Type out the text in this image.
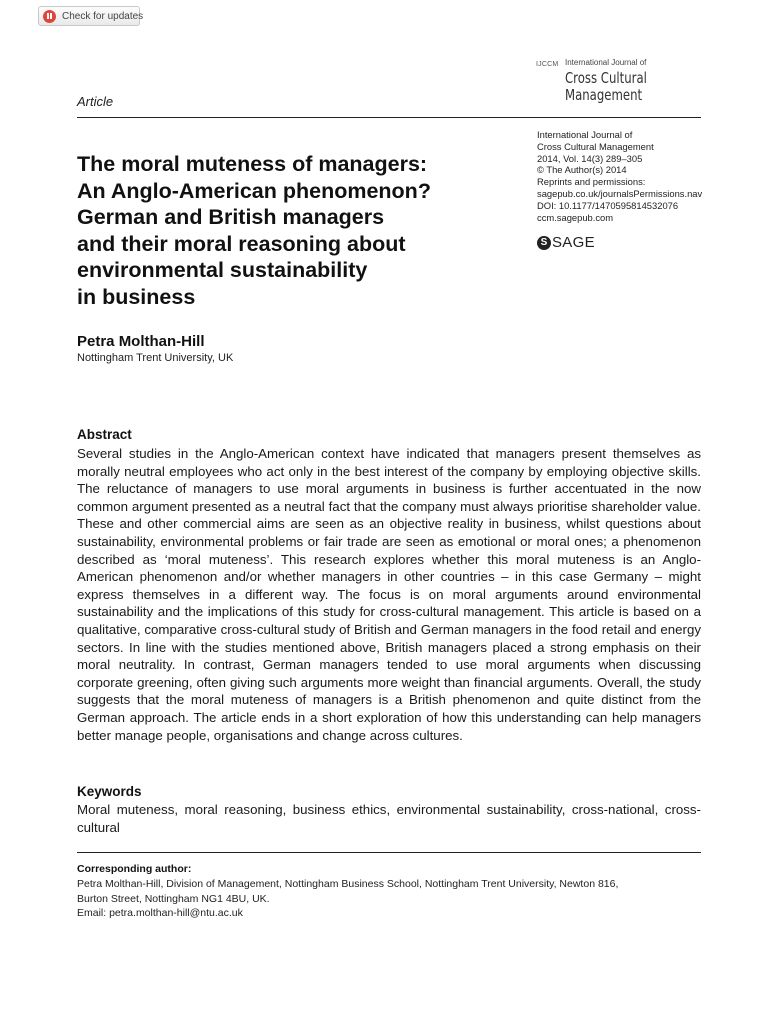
Check for updates
IJCCM International Journal of
Cross Cultural
Management
Article
International Journal of
Cross Cultural Management
2014, Vol. 14(3) 289–305
© The Author(s) 2014
Reprints and permissions:
sagepub.co.uk/journalsPermissions.nav
DOI: 10.1177/1470595814532076
ccm.sagepub.com
S SAGE
The moral muteness of managers:
An Anglo-American phenomenon?
German and British managers
and their moral reasoning about
environmental sustainability
in business
Petra Molthan-Hill
Nottingham Trent University, UK
Abstract
Several studies in the Anglo-American context have indicated that managers present themselves as morally neutral employees who act only in the best interest of the company by employing objective skills. The reluctance of managers to use moral arguments in business is further accentuated in the now common argument presented as a neutral fact that the company must always prioritise shareholder value. These and other commercial aims are seen as an objective reality in business, whilst questions about sustainability, environmental problems or fair trade are seen as emotional or moral ones; a phenomenon described as ‘moral muteness’. This research explores whether this moral muteness is an Anglo-American phenomenon and/or whether managers in other countries – in this case Germany – might express themselves in a different way. The focus is on moral arguments around environmental sustainability and the implications of this study for cross-cultural management. This article is based on a qualitative, comparative cross-cultural study of British and German managers in the food retail and energy sectors. In line with the studies mentioned above, British managers placed a strong emphasis on their moral neutrality. In contrast, German managers tended to use moral arguments when discussing corporate greening, often giving such arguments more weight than financial arguments. Overall, the study suggests that the moral muteness of managers is a British phenomenon and quite distinct from the German approach. The article ends in a short exploration of how this understanding can help managers better manage people, organisations and change across cultures.
Keywords
Moral muteness, moral reasoning, business ethics, environmental sustainability, cross-national, cross-cultural
Corresponding author:
Petra Molthan-Hill, Division of Management, Nottingham Business School, Nottingham Trent University, Newton 816,
Burton Street, Nottingham NG1 4BU, UK.
Email: petra.molthan-hill@ntu.ac.uk
